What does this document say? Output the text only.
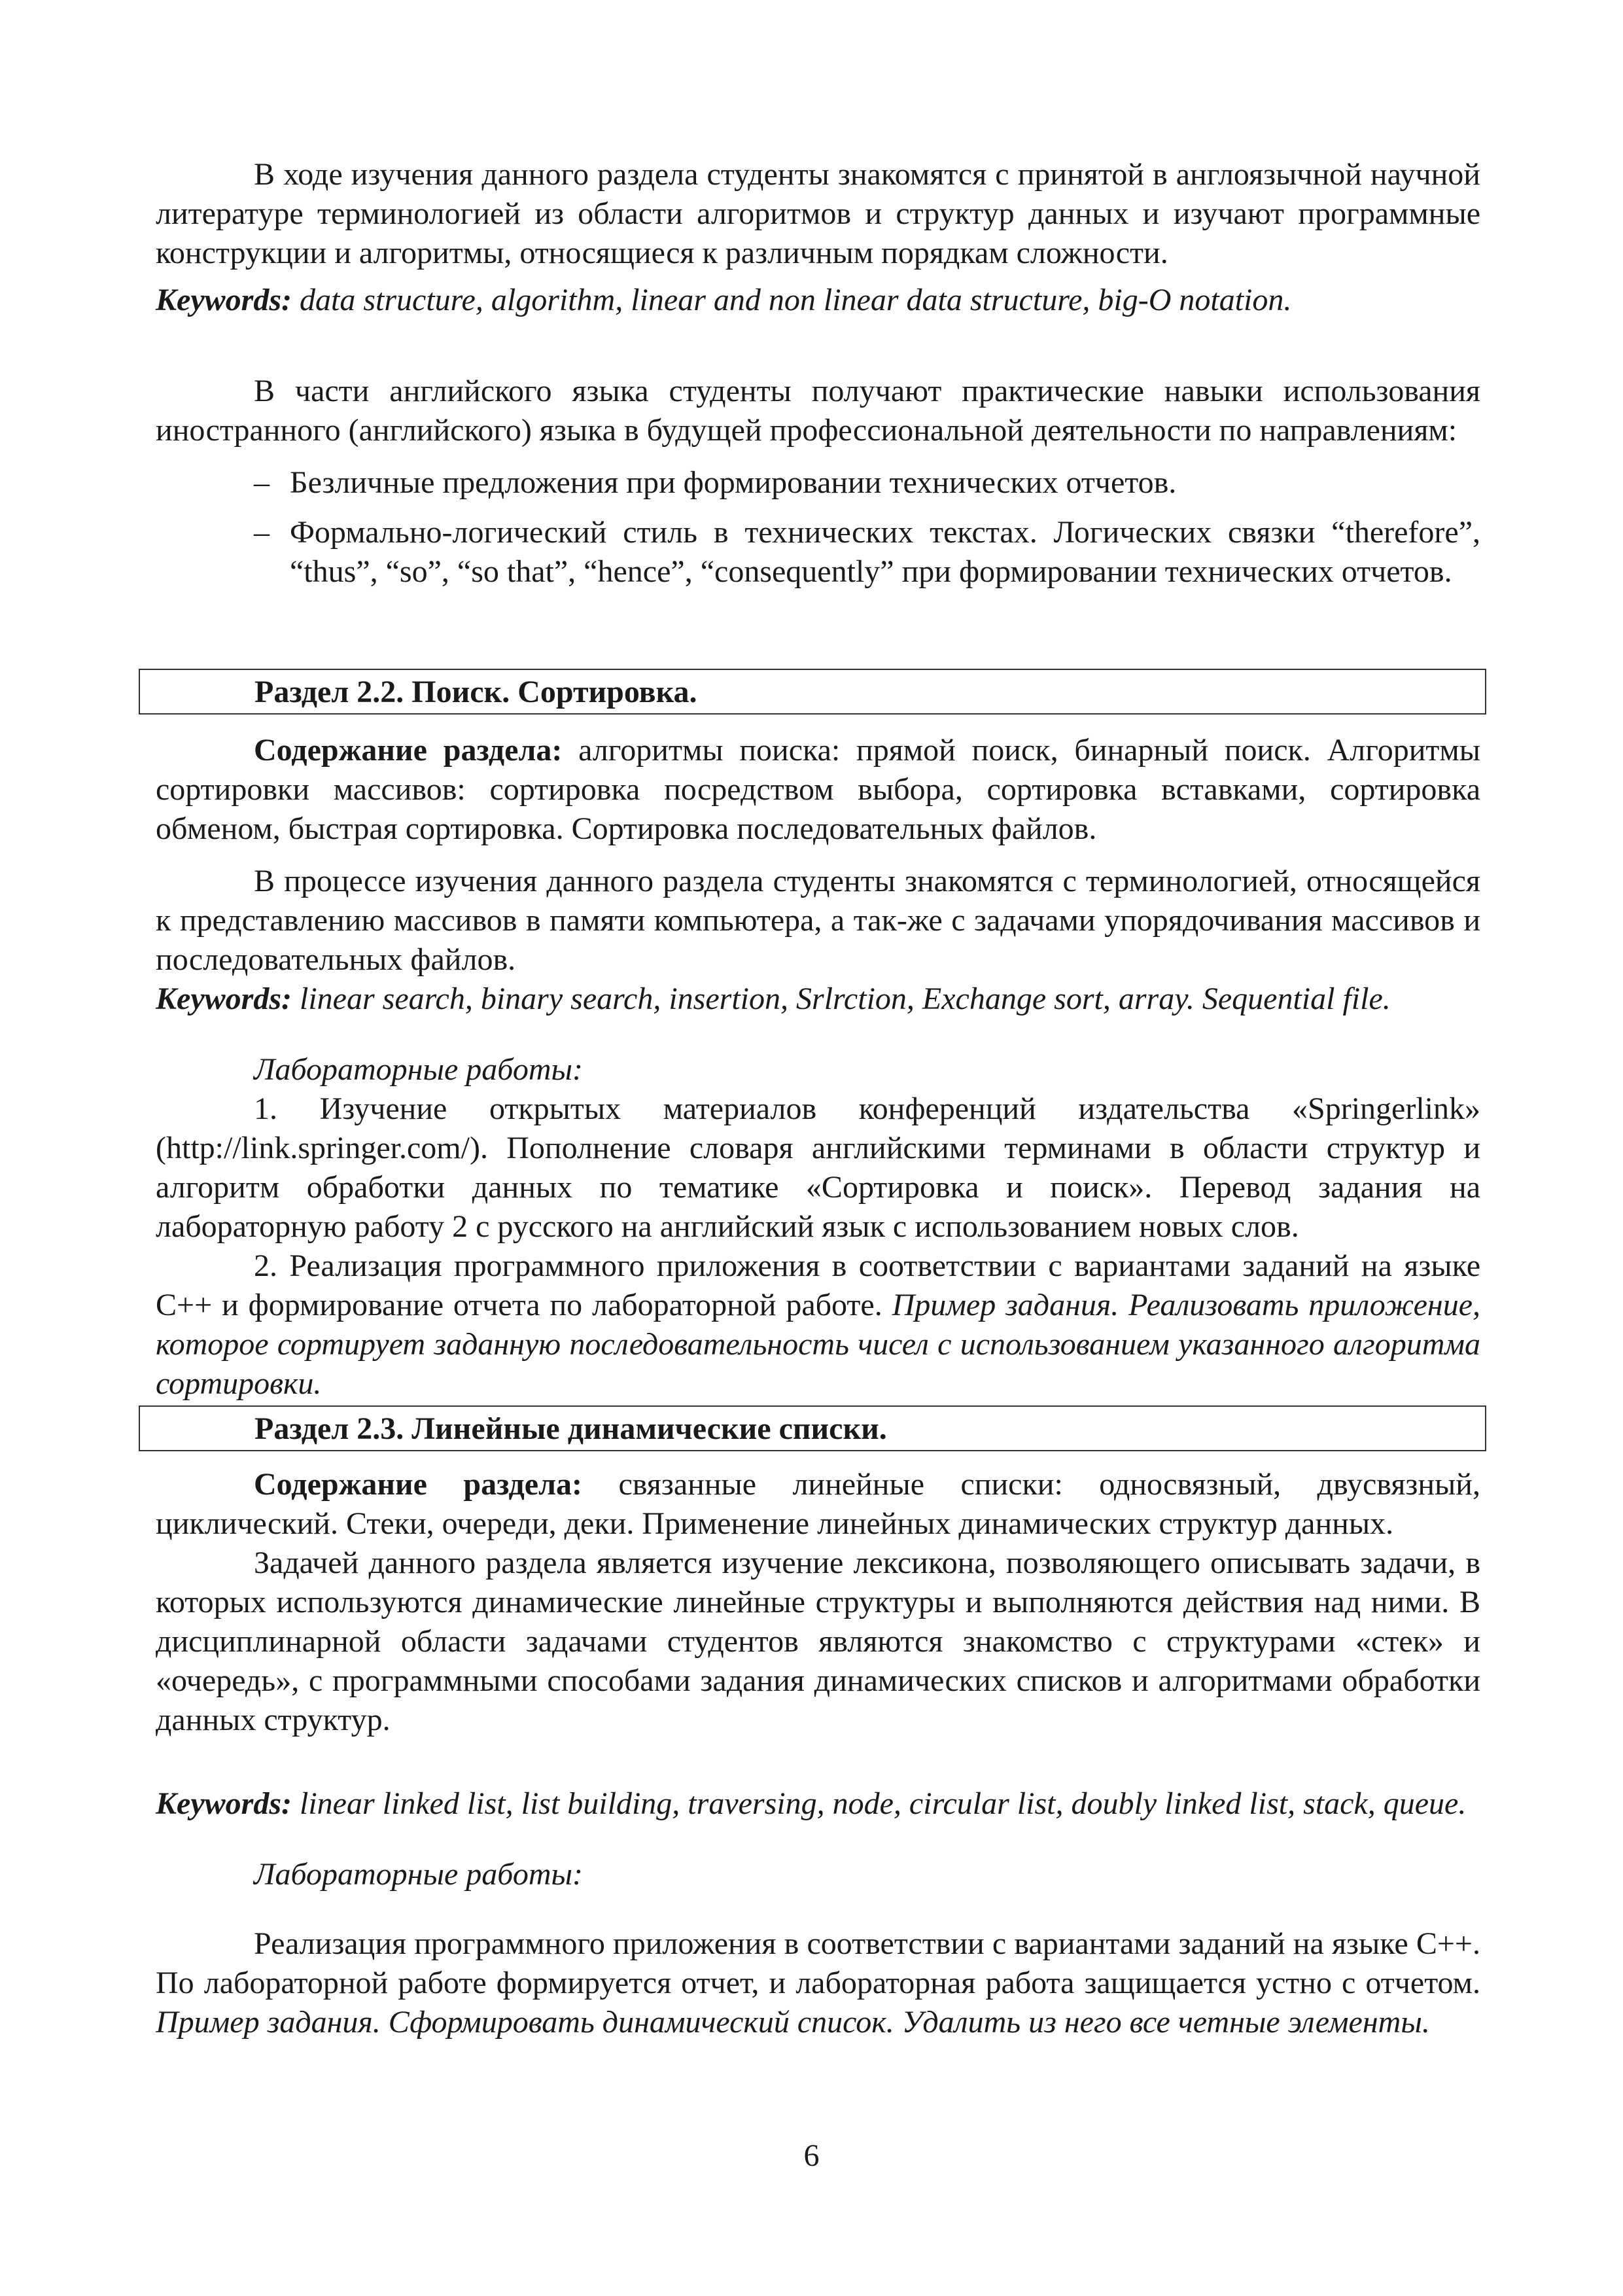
В ходе изучения данного раздела студенты знакомятся с принятой в англоязычной научной литературе терминологией из области алгоритмов и структур данных и изучают программные конструкции и алгоритмы, относящиеся к различным порядкам сложности.

Keywords: data structure, algorithm, linear and non linear data structure, big-O notation.

В части английского языка студенты получают практические навыки использования иностранного (английского) языка в будущей профессиональной деятельности по направлениям:

– Безличные предложения при формировании технических отчетов.
– Формально-логический стиль в технических текстах. Логических связки “therefore”, “thus”, “so”, “so that”, “hence”, “consequently” при формировании технических отчетов.
Раздел 2.2. Поиск. Сортировка.

Содержание раздела: алгоритмы поиска: прямой поиск, бинарный поиск. Алгоритмы сортировки массивов: сортировка посредством выбора, сортировка вставками, сортировка обменом, быстрая сортировка. Сортировка последовательных файлов.

В процессе изучения данного раздела студенты знакомятся с терминологией, относящейся к представлению массивов в памяти компьютера, а так-же с задачами упорядочивания массивов и последовательных файлов.

Keywords: linear search, binary search, insertion, Srlrction, Exchange sort, array. Sequential file.

Лабораторные работы:

1. Изучение открытых материалов конференций издательства «Springerlink» (http://link.springer.com/). Пополнение словаря английскими терминами в области структур и алгоритм обработки данных по тематике «Сортировка и поиск». Перевод задания на лабораторную работу 2 с русского на английский язык с использованием новых слов.

2. Реализация программного приложения в соответствии с вариантами заданий на языке C++ и формирование отчета по лабораторной работе. Пример задания. Реализовать приложение, которое сортирует заданную последовательность чисел с использованием указанного алгоритма сортировки.

Раздел 2.3. Линейные динамические списки.

Содержание раздела: связанные линейные списки: односвязный, двусвязный, циклический. Стеки, очереди, деки. Применение линейных динамических структур данных.

Задачей данного раздела является изучение лексикона, позволяющего описывать задачи, в которых используются динамические линейные структуры и выполняются действия над ними. В дисциплинарной области задачами студентов являются знакомство с структурами «стек» и «очередь», с программными способами задания динамических списков и алгоритмами обработки данных структур.

Keywords: linear linked list, list building, traversing, node, circular list, doubly linked list, stack, queue.

Лабораторные работы:

Реализация программного приложения в соответствии с вариантами заданий на языке C++. По лабораторной работе формируется отчет, и лабораторная работа защищается устно с отчетом. Пример задания. Сформировать динамический список. Удалить из него все четные элементы.

6
